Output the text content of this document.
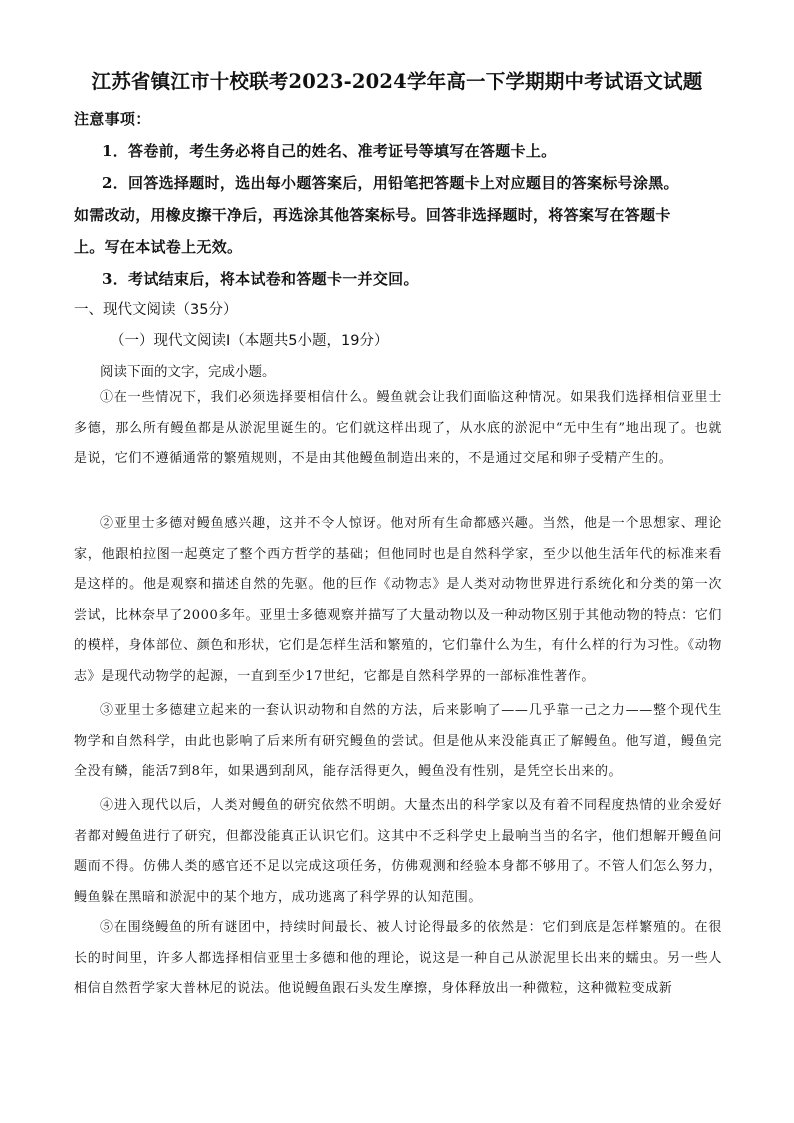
江苏省镇江市十校联考2023-2024学年高一下学期期中考试语文试题
注意事项：
1．答卷前，考生务必将自己的姓名、准考证号等填写在答题卡上。
2．回答选择题时，选出每小题答案后，用铅笔把答题卡上对应题目的答案标号涂黑。
如需改动，用橡皮擦干净后，再选涂其他答案标号。回答非选择题时，将答案写在答题卡
上。写在本试卷上无效。
3．考试结束后，将本试卷和答题卡一并交回。
一、现代文阅读（35分）
（一）现代文阅读Ⅰ（本题共5小题，19分）
阅读下面的文字，完成小题。
①在一些情况下，我们必须选择要相信什么。鳗鱼就会让我们面临这种情况。如果我们选择相信亚里士多德，那么所有鳗鱼都是从淤泥里诞生的。它们就这样出现了，从水底的淤泥中“无中生有”地出现了。也就是说，它们不遵循通常的繁殖规则，不是由其他鳗鱼制造出来的，不是通过交尾和卵子受精产生的。
②亚里士多德对鳗鱼感兴趣，这并不令人惊讶。他对所有生命都感兴趣。当然，他是一个思想家、理论家，他跟柏拉图一起奠定了整个西方哲学的基础；但他同时也是自然科学家，至少以他生活年代的标准来看是这样的。他是观察和描述自然的先驱。他的巨作《动物志》是人类对动物世界进行系统化和分类的第一次尝试，比林奈早了2000多年。亚里士多德观察并描写了大量动物以及一种动物区别于其他动物的特点：它们的模样，身体部位、颜色和形状，它们是怎样生活和繁殖的，它们靠什么为生，有什么样的行为习性。《动物志》是现代动物学的起源，一直到至少17世纪，它都是自然科学界的一部标准性著作。
③亚里士多德建立起来的一套认识动物和自然的方法，后来影响了——几乎靠一己之力——整个现代生物学和自然科学，由此也影响了后来所有研究鳗鱼的尝试。但是他从来没能真正了解鳗鱼。他写道，鳗鱼完全没有鳞，能活7到8年，如果遇到刮风，能存活得更久，鳗鱼没有性别，是凭空长出来的。
④进入现代以后，人类对鳗鱼的研究依然不明朗。大量杰出的科学家以及有着不同程度热情的业余爱好者都对鳗鱼进行了研究，但都没能真正认识它们。这其中不乏科学史上最响当当的名字，他们想解开鳗鱼问题而不得。仿佛人类的感官还不足以完成这项任务，仿佛观测和经验本身都不够用了。不管人们怎么努力，鳗鱼躲在黑暗和淤泥中的某个地方，成功逃离了科学界的认知范围。
⑤在围绕鳗鱼的所有谜团中，持续时间最长、被人讨论得最多的依然是：它们到底是怎样繁殖的。在很长的时间里，许多人都选择相信亚里士多德和他的理论，说这是一种自己从淤泥里长出来的蠕虫。另一些人相信自然哲学家大普林尼的说法。他说鳗鱼跟石头发生摩擦，身体释放出一种微粒，这种微粒变成新
